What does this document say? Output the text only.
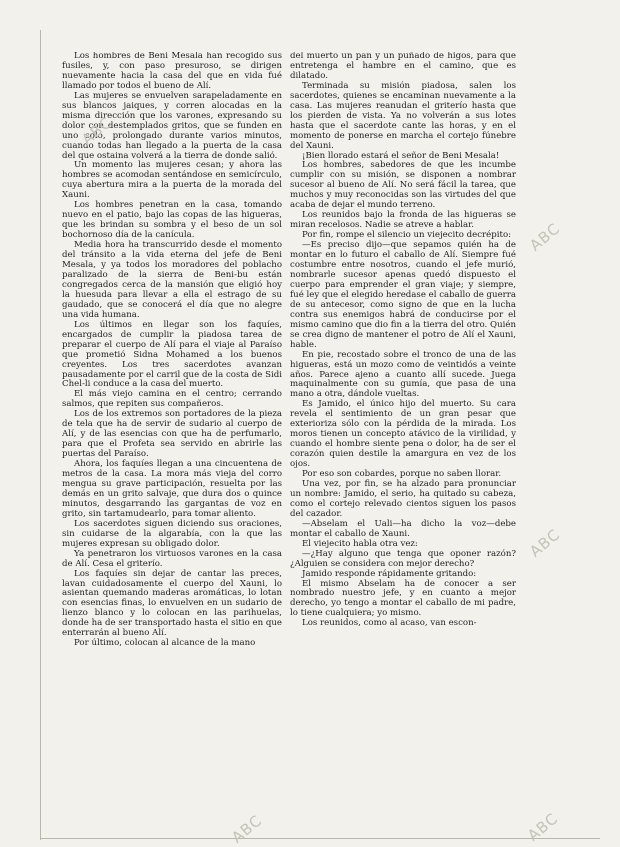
Los hombres de Beni Mesala han recogido sus fusiles, y, con paso presuroso, se dirigen nuevamente hacia la casa del que en vida fué llamado por todos el bueno de Alí.

Las mujeres se envuelven sarapeladamente en sus blancos jaiques, y corren alocadas en la misma dirección que los varones, expresando su dolor con destemplados gritos, que se funden en uno solo, prolongado durante varios minutos, cuando todas han llegado a la puerta de la casa del que ostaina volverá a la tierra de donde salió.

Un momento las mujeres cesan; y ahora las hombres se acomodan sentándose en semicírculo, cuya abertura mira a la puerta de la morada del Xauni.

Los hombres penetran en la casa, tomando nuevo en el patio, bajo las copas de las higueras, que les brindan su sombra y el beso de un sol bochornoso día de la canícula.

Media hora ha transcurrido desde el momento del tránsito a la vida eterna del jefe de Beni Mesala, y ya todos los moradores del poblacho paralizado de la sierra de Beni-bu están congregados cerca de la mansión que eligió hoy la huesuda para llevar a ella el estrago de su gaudado, que se conocerá el día que no alegre una vida humana.

Los últimos en llegar son los faquíes, encargados de cumplir la piadosa tarea de preparar el cuerpo de Alí para el viaje al Paraíso que prometió Sidna Mohamed a los buenos creyentes. Los tres sacerdotes avanzan pausadamente por el carril que de la costa de Sidi Chel-li conduce a la casa del muerto.

El más viejo camina en el centro; cerrando salmos, que repiten sus compañeros.

Los de los extremos son portadores de la pieza de tela que ha de servir de sudario al cuerpo de Alí, y de las esencias con que ha de perfumarlo, para que el Profeta sea servido en abrirle las puertas del Paraíso.

Ahora, los faquíes llegan a una cincuentena de metros de la casa. La mora más vieja del corro mengua su grave participación, resuelta por las demás en un grito salvaje, que dura dos o quince minutos, desgarrando las gargantas de voz en grito, sin tartamudearlo, para tomar aliento.

Los sacerdotes siguen diciendo sus oraciones, sin cuidarse de la algarabía, con la que las mujeres expresan su obligado dolor.

Ya penetraron los virtuosos varones en la casa de Alí. Cesa el griterío.

Los faquíes sin dejar de cantar las preces, lavan cuidadosamente el cuerpo del Xauni, lo asientan quemando maderas aromáticas, lo lotan con esencias finas, lo envuelven en un sudario de lienzo blanco y lo colocan en las parihuelas, donde ha de ser transportado hasta el sitio en que enterrarán al bueno Alí.

Por último, colocan al alcance de la mano

del muerto un pan y un puñado de higos, para que entretenga el hambre en el camino, que es dilatado.

Terminada su misión piadosa, salen los sacerdotes, quienes se encaminan nuevamente a la casa. Las mujeres reanudan el griterío hasta que los pierden de vista. Ya no volverán a sus lotes hasta que el sacerdote cante las horas, y en el momento de ponerse en marcha el cortejo fúnebre del Xauni.

¡Bien llorado estará el señor de Beni Mesala!

Los hombres, sabedores de que les incumbe cumplir con su misión, se disponen a nombrar sucesor al bueno de Alí. No será fácil la tarea, que muchos y muy reconocidas son las virtudes del que acaba de dejar el mundo terreno.

Los reunidos bajo la fronda de las higueras se miran recelosos. Nadie se atreve a hablar.

Por fin, rompe el silencio un viejecito decrépito:

—Es preciso dijo—que sepamos quién ha de montar en lo futuro el caballo de Alí. Siempre fué costumbre entre nosotros, cuando el jefe murió, nombrarle sucesor apenas quedó dispuesto el cuerpo para emprender el gran viaje; y siempre, fué ley que el elegido heredase el caballo de guerra de su antecesor, como signo de que en la lucha contra sus enemigos habrá de conducirse por el mismo camino que dio fin a la tierra del otro. Quién se crea digno de mantener el potro de Alí el Xauni, hable.

En pie, recostado sobre el tronco de una de las higueras, está un mozo como de veintidós a veinte años. Parece ajeno a cuanto allí sucede. Juega maquinalmente con su gumía, que pasa de una mano a otra, dándole vueltas.

Es Jamido, el único hijo del muerto. Su cara revela el sentimiento de un gran pesar que exterioriza sólo con la pérdida de la mirada. Los moros tienen un concepto atávico de la virilidad, y cuando el hombre siente pena o dolor, ha de ser el corazón quien destile la amargura en vez de los ojos.

Por eso son cobardes, porque no saben llorar.

Una vez, por fin, se ha alzado para pronunciar un nombre: Jamido, el serio, ha quitado su cabeza, como el cortejo relevado cientos siguen los pasos del cazador.

—Abselam el Uali—ha dicho la voz—debe montar el caballo de Xauni.

El viejecito habla otra vez:

—¿Hay alguno que tenga que oponer razón? ¿Alguien se considera con mejor derecho?

Jamido responde rápidamente gritando:

El mismo Abselam ha de conocer a ser nombrado nuestro jefe, y en cuanto a mejor derecho, yo tengo a montar el caballo de mi padre, lo tiene cualquiera; yo mismo.

Los reunidos, como al acaso, van escon-

ABC
ABC
ABC
ABC	ABC
